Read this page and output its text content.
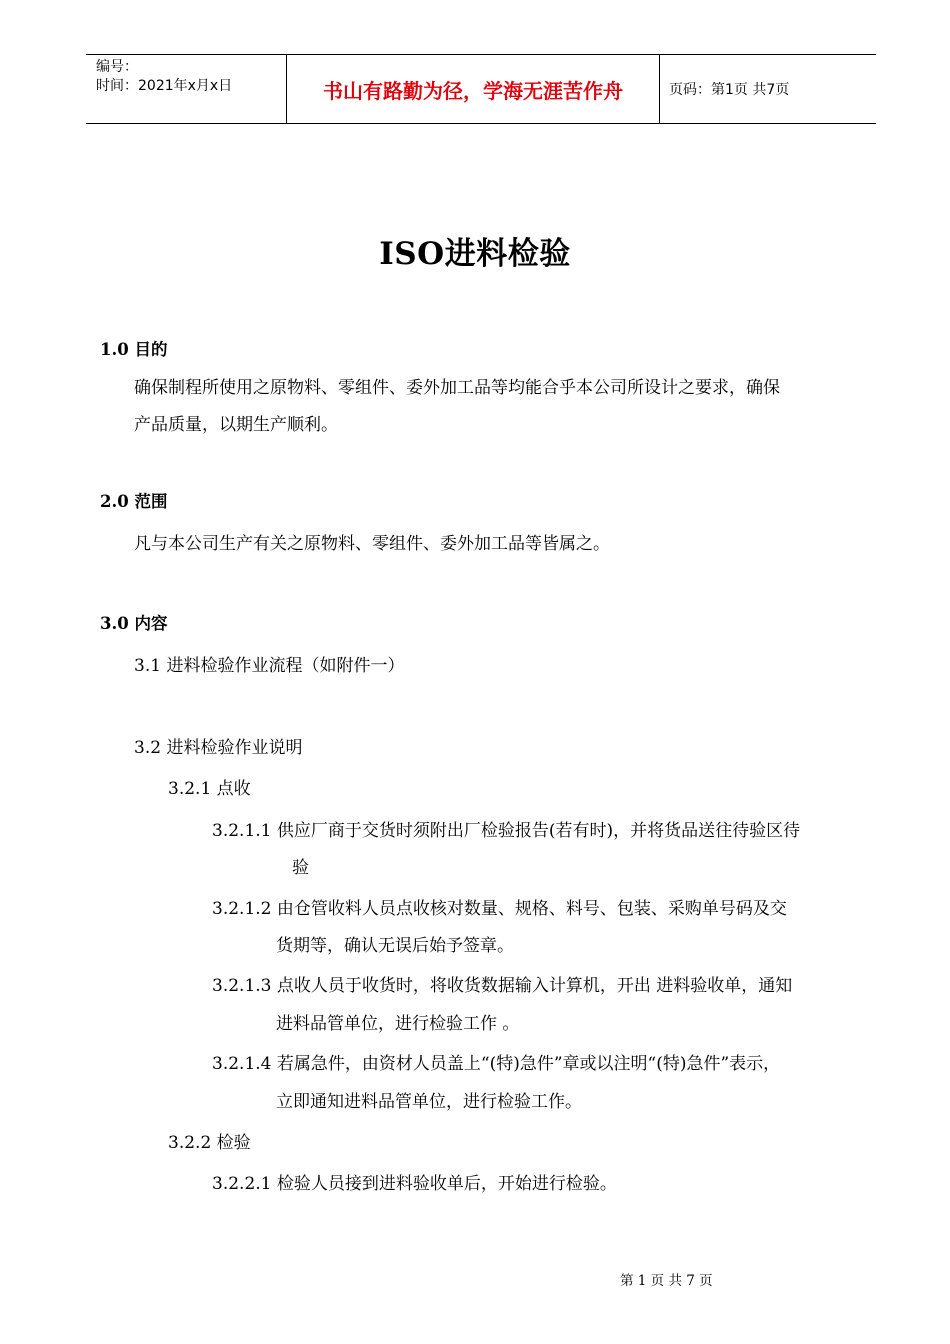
编号：
时间：2021年x月x日	书山有路勤为径，学海无涯苦作舟	页码：第1页 共7页
ISO进料检验
1.0 目的
确保制程所使用之原物料、零组件、委外加工品等均能合乎本公司所设计之要求，确保
产品质量，以期生产顺利。
2.0 范围
凡与本公司生产有关之原物料、零组件、委外加工品等皆属之。
3.0 内容
3.1 进料检验作业流程（如附件一）
3.2 进料检验作业说明
3.2.1 点收
3.2.1.1 供应厂商于交货时须附出厂检验报告(若有时)，并将货品送往待验区待
验
3.2.1.2 由仓管收料人员点收核对数量、规格、料号、包装、采购单号码及交
货期等，确认无误后始予签章。
3.2.1.3 点收人员于收货时，将收货数据输入计算机，开出 进料验收单，通知
进料品管单位，进行检验工作 。
3.2.1.4 若属急件，由资材人员盖上“(特)急件”章或以注明“(特)急件”表示，
立即通知进料品管单位，进行检验工作。
3.2.2 检验
3.2.2.1 检验人员接到进料验收单后，开始进行检验。
第 1 页 共 7 页
